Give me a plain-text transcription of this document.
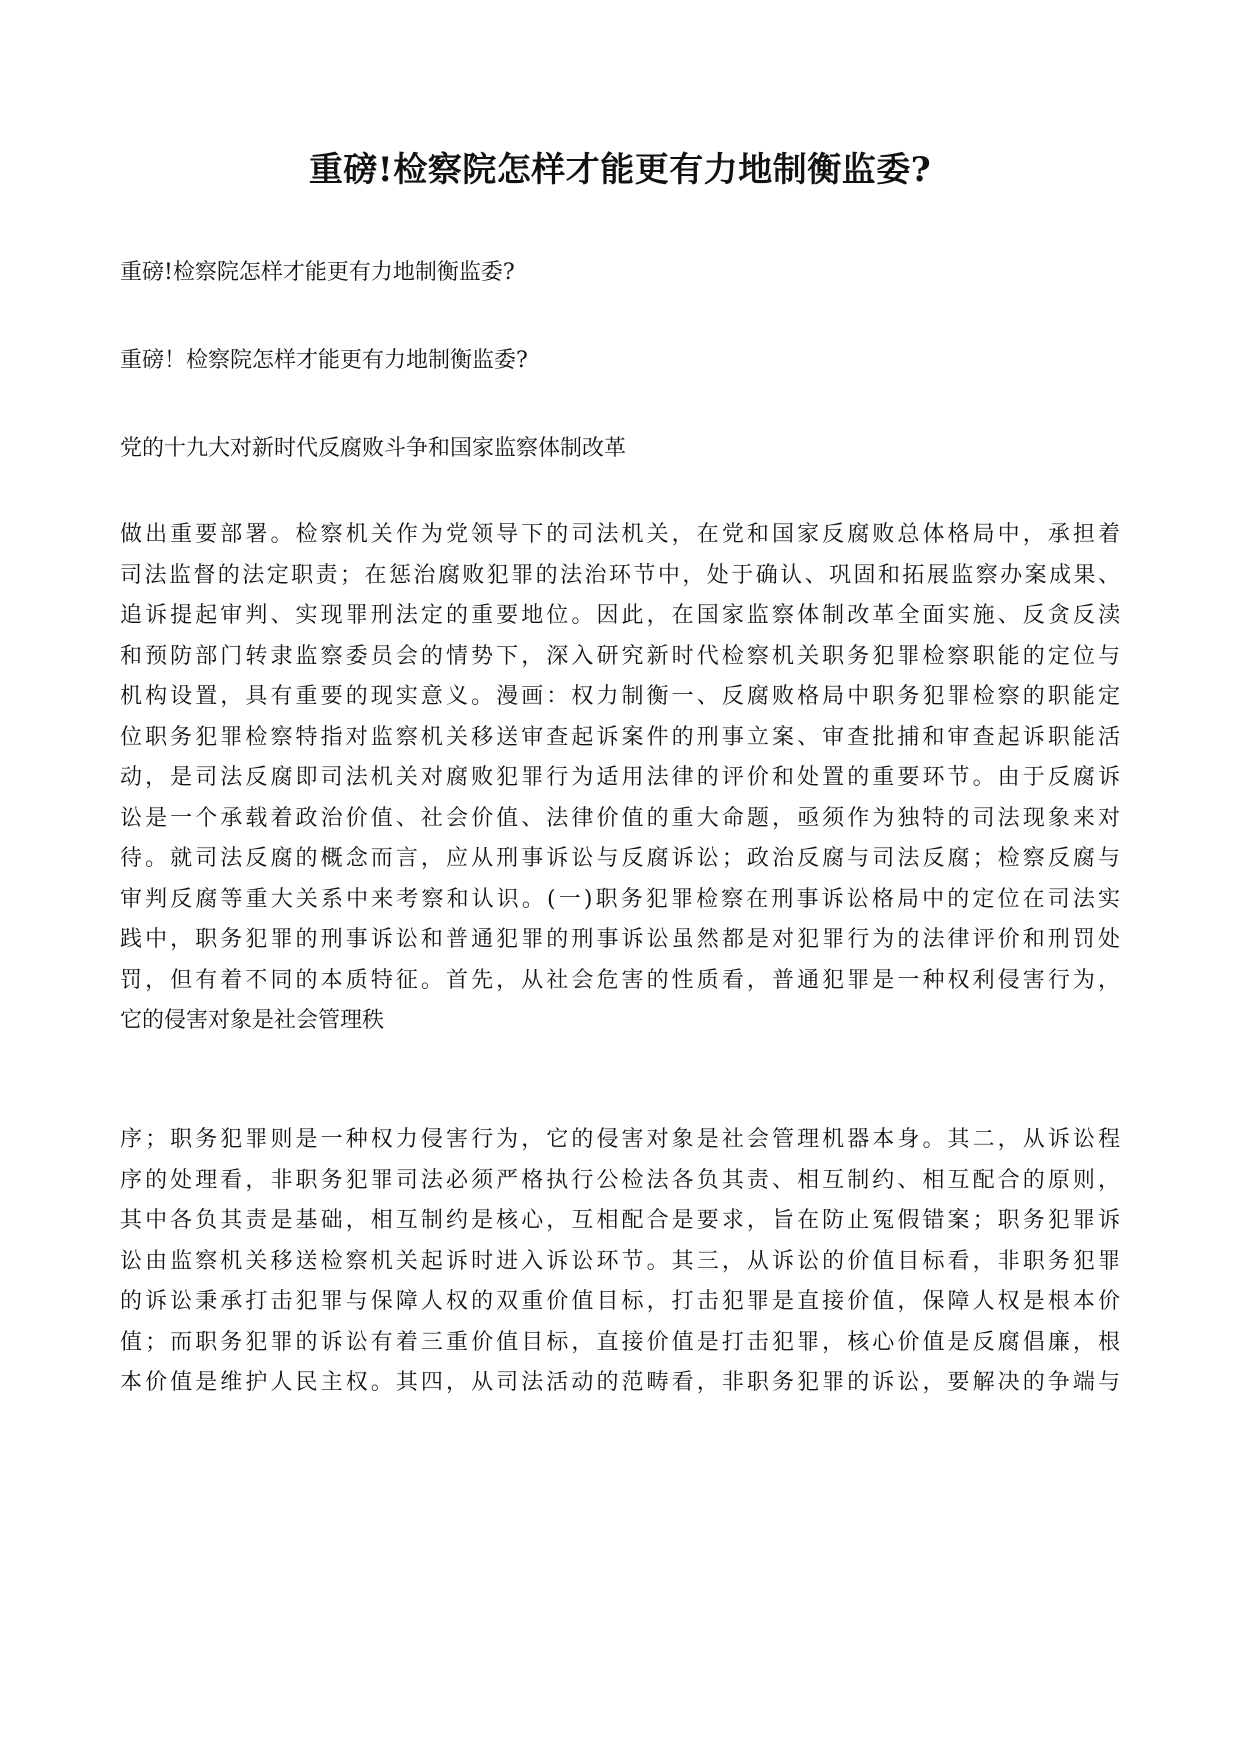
重磅!检察院怎样才能更有力地制衡监委?
重磅!检察院怎样才能更有力地制衡监委?
重磅！检察院怎样才能更有力地制衡监委?
党的十九大对新时代反腐败斗争和国家监察体制改革
做出重要部署。检察机关作为党领导下的司法机关，在党和国家反腐败总体格局中，承担着
司法监督的法定职责；在惩治腐败犯罪的法治环节中，处于确认、巩固和拓展监察办案成果、
追诉提起审判、实现罪刑法定的重要地位。因此，在国家监察体制改革全面实施、反贪反渎
和预防部门转隶监察委员会的情势下，深入研究新时代检察机关职务犯罪检察职能的定位与
机构设置，具有重要的现实意义。漫画：权力制衡一、反腐败格局中职务犯罪检察的职能定
位职务犯罪检察特指对监察机关移送审查起诉案件的刑事立案、审查批捕和审查起诉职能活
动，是司法反腐即司法机关对腐败犯罪行为适用法律的评价和处置的重要环节。由于反腐诉
讼是一个承载着政治价值、社会价值、法律价值的重大命题，亟须作为独特的司法现象来对
待。就司法反腐的概念而言，应从刑事诉讼与反腐诉讼；政治反腐与司法反腐；检察反腐与
审判反腐等重大关系中来考察和认识。(一)职务犯罪检察在刑事诉讼格局中的定位在司法实
践中，职务犯罪的刑事诉讼和普通犯罪的刑事诉讼虽然都是对犯罪行为的法律评价和刑罚处
罚，但有着不同的本质特征。首先，从社会危害的性质看，普通犯罪是一种权利侵害行为，
它的侵害对象是社会管理秩
序；职务犯罪则是一种权力侵害行为，它的侵害对象是社会管理机器本身。其二，从诉讼程
序的处理看，非职务犯罪司法必须严格执行公检法各负其责、相互制约、相互配合的原则，
其中各负其责是基础，相互制约是核心，互相配合是要求，旨在防止冤假错案；职务犯罪诉
讼由监察机关移送检察机关起诉时进入诉讼环节。其三，从诉讼的价值目标看，非职务犯罪
的诉讼秉承打击犯罪与保障人权的双重价值目标，打击犯罪是直接价值，保障人权是根本价
值；而职务犯罪的诉讼有着三重价值目标，直接价值是打击犯罪，核心价值是反腐倡廉，根
本价值是维护人民主权。其四，从司法活动的范畴看，非职务犯罪的诉讼，要解决的争端与
